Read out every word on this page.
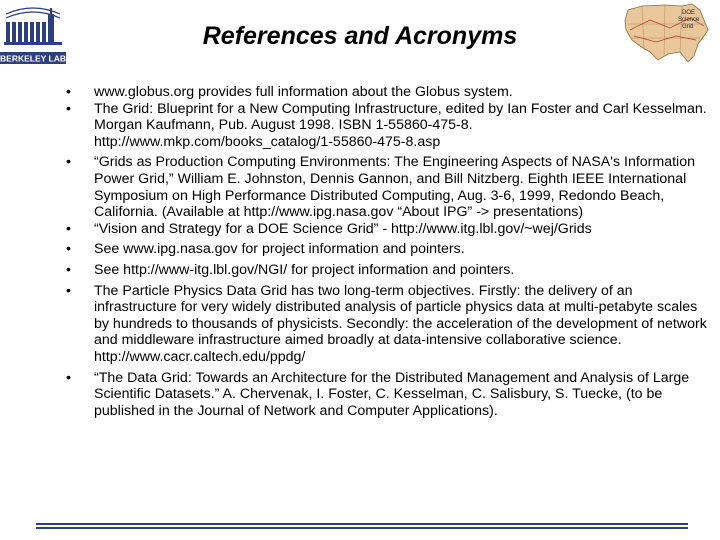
BERKELEY LAB
References and Acronyms
DOE
Science
Grid
• www.globus.org provides full information about the Globus system.
• The Grid: Blueprint for a New Computing Infrastructure, edited by Ian Foster and Carl Kesselman. Morgan Kaufmann, Pub. August 1998. ISBN 1-55860-475-8. http://www.mkp.com/books_catalog/1-55860-475-8.asp
• “Grids as Production Computing Environments: The Engineering Aspects of NASA's Information Power Grid,” William E. Johnston, Dennis Gannon, and Bill Nitzberg. Eighth IEEE International Symposium on High Performance Distributed Computing, Aug. 3-6, 1999, Redondo Beach, California. (Available at http://www.ipg.nasa.gov “About IPG” -> presentations)
• “Vision and Strategy for a DOE Science Grid” - http://www.itg.lbl.gov/~wej/Grids
• See www.ipg.nasa.gov for project information and pointers.
• See http://www-itg.lbl.gov/NGI/ for project information and pointers.
• The Particle Physics Data Grid has two long-term objectives. Firstly: the delivery of an infrastructure for very widely distributed analysis of particle physics data at multi-petabyte scales by hundreds to thousands of physicists. Secondly: the acceleration of the development of network and middleware infrastructure aimed broadly at data-intensive collaborative science. http://www.cacr.caltech.edu/ppdg/
• “The Data Grid: Towards an Architecture for the Distributed Management and Analysis of Large Scientific Datasets.” A. Chervenak, I. Foster, C. Kesselman, C. Salisbury, S. Tuecke, (to be published in the Journal of Network and Computer Applications).
